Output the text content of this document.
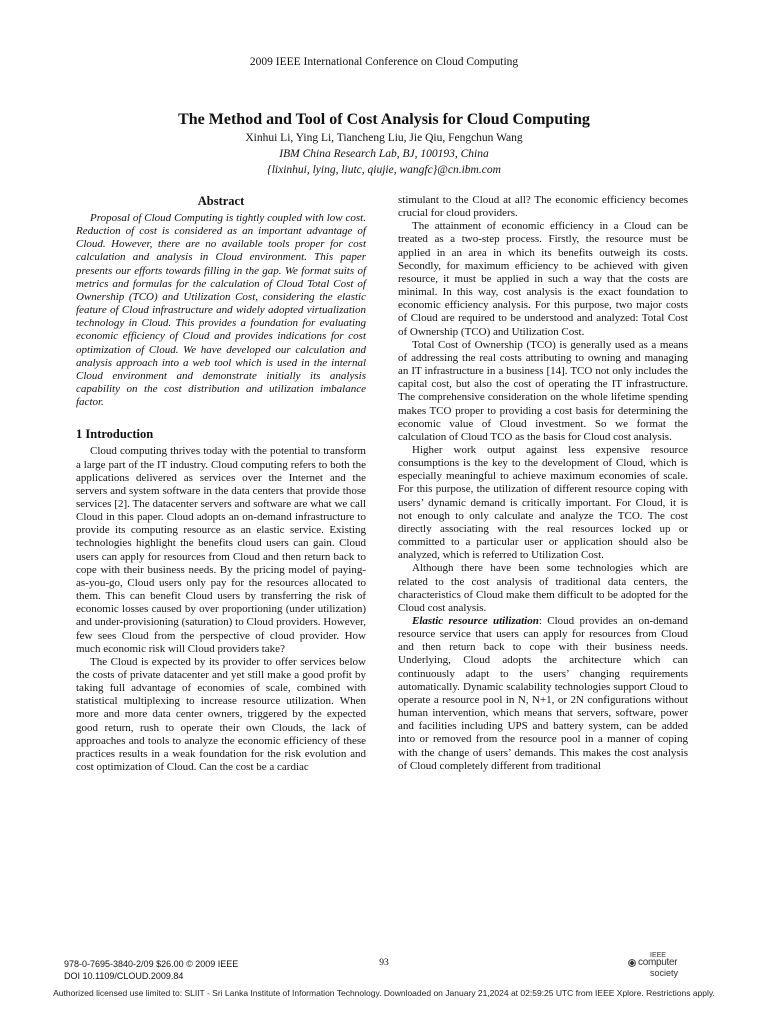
2009 IEEE International Conference on Cloud Computing
The Method and Tool of Cost Analysis for Cloud Computing
Xinhui Li, Ying Li, Tiancheng Liu, Jie Qiu, Fengchun Wang
IBM China Research Lab, BJ, 100193, China
{lixinhui, lying, liutc, qiujie, wangfc}@cn.ibm.com
Abstract

Proposal of Cloud Computing is tightly coupled with low cost. Reduction of cost is considered as an important advantage of Cloud. However, there are no available tools proper for cost calculation and analysis in Cloud environment. This paper presents our efforts towards filling in the gap. We format suits of metrics and formulas for the calculation of Cloud Total Cost of Ownership (TCO) and Utilization Cost, considering the elastic feature of Cloud infrastructure and widely adopted virtualization technology in Cloud. This provides a foundation for evaluating economic efficiency of Cloud and provides indications for cost optimization of Cloud. We have developed our calculation and analysis approach into a web tool which is used in the internal Cloud environment and demonstrate initially its analysis capability on the cost distribution and utilization imbalance factor.

1 Introduction

Cloud computing thrives today with the potential to transform a large part of the IT industry. Cloud computing refers to both the applications delivered as services over the Internet and the servers and system software in the data centers that provide those services [2]. The datacenter servers and software are what we call Cloud in this paper. Cloud adopts an on-demand infrastructure to provide its computing resource as an elastic service. Existing technologies highlight the benefits cloud users can gain. Cloud users can apply for resources from Cloud and then return back to cope with their business needs. By the pricing model of paying-as-you-go, Cloud users only pay for the resources allocated to them. This can benefit Cloud users by transferring the risk of economic losses caused by over proportioning (under utilization) and under-provisioning (saturation) to Cloud providers. However, few sees Cloud from the perspective of cloud provider. How much economic risk will Cloud providers take?

The Cloud is expected by its provider to offer services below the costs of private datacenter and yet still make a good profit by taking full advantage of economies of scale, combined with statistical multiplexing to increase resource utilization. When more and more data center owners, triggered by the expected good return, rush to operate their own Clouds, the lack of approaches and tools to analyze the economic efficiency of these practices results in a weak foundation for the risk evolution and cost optimization of Cloud. Can the cost be a cardiac

stimulant to the Cloud at all? The economic efficiency becomes crucial for cloud providers.

The attainment of economic efficiency in a Cloud can be treated as a two-step process. Firstly, the resource must be applied in an area in which its benefits outweigh its costs. Secondly, for maximum efficiency to be achieved with given resource, it must be applied in such a way that the costs are minimal. In this way, cost analysis is the exact foundation to economic efficiency analysis. For this purpose, two major costs of Cloud are required to be understood and analyzed: Total Cost of Ownership (TCO) and Utilization Cost.

Total Cost of Ownership (TCO) is generally used as a means of addressing the real costs attributing to owning and managing an IT infrastructure in a business [14]. TCO not only includes the capital cost, but also the cost of operating the IT infrastructure. The comprehensive consideration on the whole lifetime spending makes TCO proper to providing a cost basis for determining the economic value of Cloud investment. So we format the calculation of Cloud TCO as the basis for Cloud cost analysis.

Higher work output against less expensive resource consumptions is the key to the development of Cloud, which is especially meaningful to achieve maximum economies of scale. For this purpose, the utilization of different resource coping with users’ dynamic demand is critically important. For Cloud, it is not enough to only calculate and analyze the TCO. The cost directly associating with the real resources locked up or committed to a particular user or application should also be analyzed, which is referred to Utilization Cost.

Although there have been some technologies which are related to the cost analysis of traditional data centers, the characteristics of Cloud make them difficult to be adopted for the Cloud cost analysis.

Elastic resource utilization: Cloud provides an on-demand resource service that users can apply for resources from Cloud and then return back to cope with their business needs. Underlying, Cloud adopts the architecture which can continuously adapt to the users’ changing requirements automatically. Dynamic scalability technologies support Cloud to operate a resource pool in N, N+1, or 2N configurations without human intervention, which means that servers, software, power and facilities including UPS and battery system, can be added into or removed from the resource pool in a manner of coping with the change of users’ demands. This makes the cost analysis of Cloud completely different from traditional

978-0-7695-3840-2/09 $26.00 © 2009 IEEE
DOI 10.1109/CLOUD.2009.84
93
IEEE
computer
society
Authorized licensed use limited to: SLIIT - Sri Lanka Institute of Information Technology. Downloaded on January 21,2024 at 02:59:25 UTC from IEEE Xplore. Restrictions apply.
